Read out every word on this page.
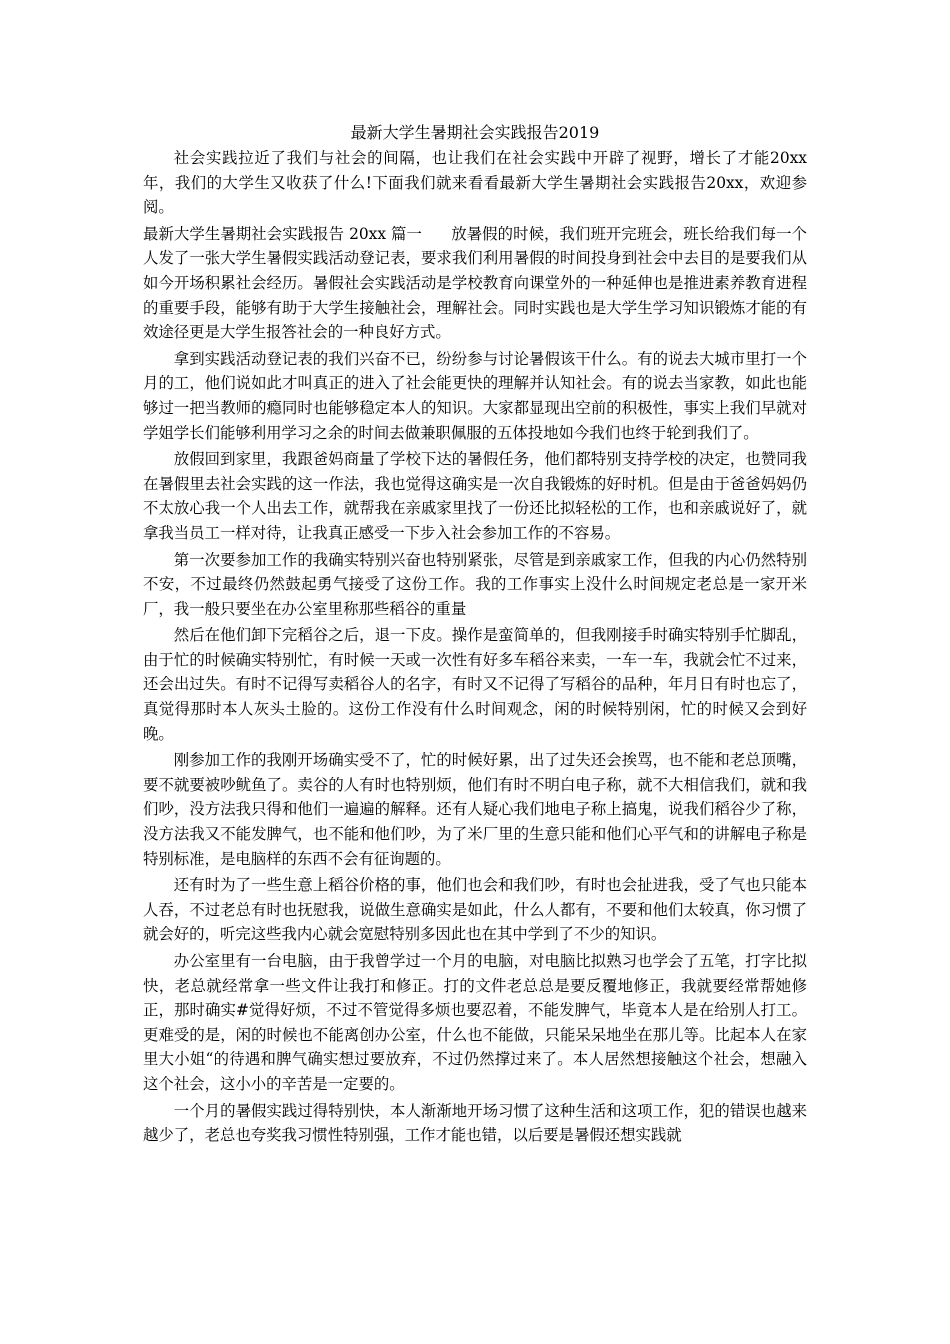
最新大学生暑期社会实践报告2019

社会实践拉近了我们与社会的间隔，也让我们在社会实践中开辟了视野，增长了才能20xx年，我们的大学生又收获了什么!下面我们就来看看最新大学生暑期社会实践报告20xx，欢迎参阅。

最新大学生暑期社会实践报告 20xx 篇一 放暑假的时候，我们班开完班会，班长给我们每一个人发了一张大学生暑假实践活动登记表，要求我们利用暑假的时间投身到社会中去目的是要我们从如今开场积累社会经历。暑假社会实践活动是学校教育向课堂外的一种延伸也是推进素养教育进程的重要手段，能够有助于大学生接触社会，理解社会。同时实践也是大学生学习知识锻炼才能的有效途径更是大学生报答社会的一种良好方式。

拿到实践活动登记表的我们兴奋不已，纷纷参与讨论暑假该干什么。有的说去大城市里打一个月的工，他们说如此才叫真正的进入了社会能更快的理解并认知社会。有的说去当家教，如此也能够过一把当教师的瘾同时也能够稳定本人的知识。大家都显现出空前的积极性，事实上我们早就对学姐学长们能够利用学习之余的时间去做兼职佩服的五体投地如今我们也终于轮到我们了。

放假回到家里，我跟爸妈商量了学校下达的暑假任务，他们都特别支持学校的决定，也赞同我在暑假里去社会实践的这一作法，我也觉得这确实是一次自我锻炼的好时机。但是由于爸爸妈妈仍不太放心我一个人出去工作，就帮我在亲戚家里找了一份还比拟轻松的工作，也和亲戚说好了，就拿我当员工一样对待，让我真正感受一下步入社会参加工作的不容易。

第一次要参加工作的我确实特别兴奋也特别紧张，尽管是到亲戚家工作，但我的内心仍然特别不安，不过最终仍然鼓起勇气接受了这份工作。我的工作事实上没什么时间规定老总是一家开米厂，我一般只要坐在办公室里称那些稻谷的重量

然后在他们卸下完稻谷之后，退一下皮。操作是蛮简单的，但我刚接手时确实特别手忙脚乱，由于忙的时候确实特别忙，有时候一天或一次性有好多车稻谷来卖，一车一车，我就会忙不过来，还会出过失。有时不记得写卖稻谷人的名字，有时又不记得了写稻谷的品种，年月日有时也忘了，真觉得那时本人灰头土脸的。这份工作没有什么时间观念，闲的时候特别闲，忙的时候又会到好晚。

刚参加工作的我刚开场确实受不了，忙的时候好累，出了过失还会挨骂，也不能和老总顶嘴，要不就要被吵鱿鱼了。卖谷的人有时也特别烦，他们有时不明白电子称，就不大相信我们，就和我们吵，没方法我只得和他们一遍遍的解释。还有人疑心我们地电子称上搞鬼，说我们稻谷少了称，没方法我又不能发脾气，也不能和他们吵，为了米厂里的生意只能和他们心平气和的讲解电子称是特别标准，是电脑样的东西不会有征询题的。

还有时为了一些生意上稻谷价格的事，他们也会和我们吵，有时也会扯进我，受了气也只能本人吞，不过老总有时也抚慰我，说做生意确实是如此，什么人都有，不要和他们太较真，你习惯了就会好的，听完这些我内心就会宽慰特别多因此也在其中学到了不少的知识。

办公室里有一台电脑，由于我曾学过一个月的电脑，对电脑比拟熟习也学会了五笔，打字比拟快，老总就经常拿一些文件让我打和修正。打的文件老总总是要反覆地修正，我就要经常帮她修正，那时确实#觉得好烦，不过不管觉得多烦也要忍着，不能发脾气，毕竟本人是在给别人打工。更难受的是，闲的时候也不能离创办公室，什么也不能做，只能呆呆地坐在那儿等。比起本人在家里大小姐“的待遇和脾气确实想过要放弃，不过仍然撑过来了。本人居然想接触这个社会，想融入这个社会，这小小的辛苦是一定要的。

一个月的暑假实践过得特别快，本人渐渐地开场习惯了这种生活和这项工作，犯的错误也越来越少了，老总也夸奖我习惯性特别强，工作才能也错，以后要是暑假还想实践就
